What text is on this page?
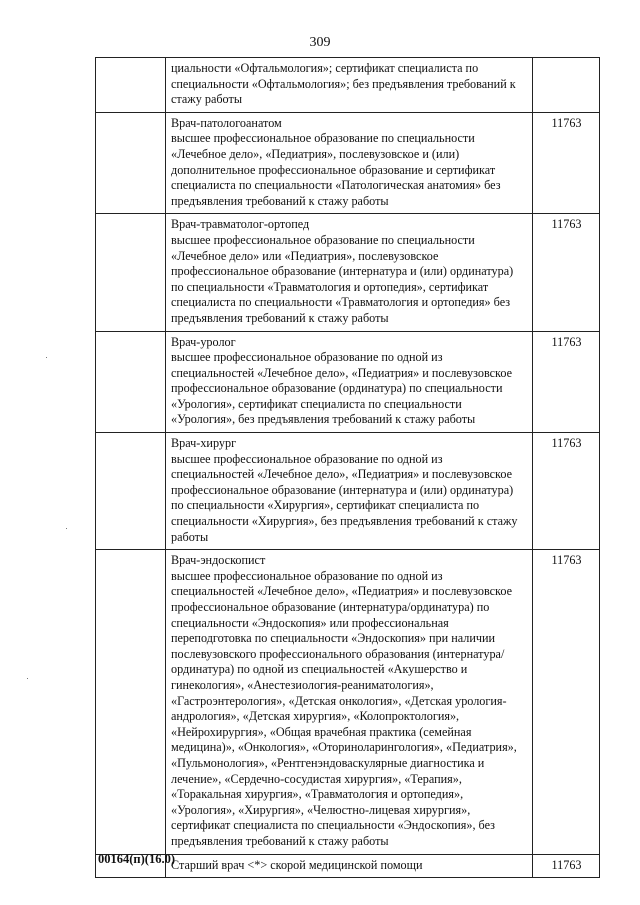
309

	циальности «Офтальмология»; сертификат специалиста по специальности «Офтальмология»; без предъявления требований к стажу работы	

	Врач-патологоанатом
высшее профессиональное образование по специальности «Лечебное дело», «Педиатрия», послевузовское и (или) дополнительное профессиональное образование и сертификат специалиста по специальности «Патологическая анатомия» без предъявления требований к стажу работы	11763
	Врач-травматолог-ортопед
высшее профессиональное образование по специальности «Лечебное дело» или «Педиатрия», послевузовское профессиональное образование (интернатура и (или) ординатура) по специальности «Травматология и ортопедия», сертификат специалиста по специальности «Травматология и ортопедия» без предъявления требований к стажу работы	11763
	Врач-уролог
высшее профессиональное образование по одной из специальностей «Лечебное дело», «Педиатрия» и послевузовское профессиональное образование (ординатура) по специальности «Урология», сертификат специалиста по специальности «Урология», без предъявления требований к стажу работы	11763
	Врач-хирург
высшее профессиональное образование по одной из специальностей «Лечебное дело», «Педиатрия» и послевузовское профессиональное образование (интернатура и (или) ординатура) по специальности «Хирургия», сертификат специалиста по специальности «Хирургия», без предъявления требований к стажу работы	11763
	Врач-эндоскопист
высшее профессиональное образование по одной из специальностей «Лечебное дело», «Педиатрия» и послевузовское профессиональное образование (интернатура/ординатура) по специальности «Эндоскопия» или профессиональная переподготовка по специальности «Эндоскопия» при наличии послевузовского профессионального образования (интернатура/ординатура) по одной из специальностей «Акушерство и гинекология», «Анестезиология-реаниматология», «Гастроэнтерология», «Детская онкология», «Детская урология-андрология», «Детская хирургия», «Колопроктология», «Нейрохирургия», «Общая врачебная практика (семейная медицина)», «Онкология», «Оториноларингология», «Педиатрия», «Пульмонология», «Рентгенэндоваскулярные диагностика и лечение», «Сердечно-сосудистая хирургия», «Терапия», «Торакальная хирургия», «Травматология и ортопедия», «Урология», «Хирургия», «Челюстно-лицевая хирургия», сертификат специалиста по специальности «Эндоскопия», без предъявления требований к стажу работы	11763
	Старший врач <*> скорой медицинской помощи	11763
00164(п)(16.0)
